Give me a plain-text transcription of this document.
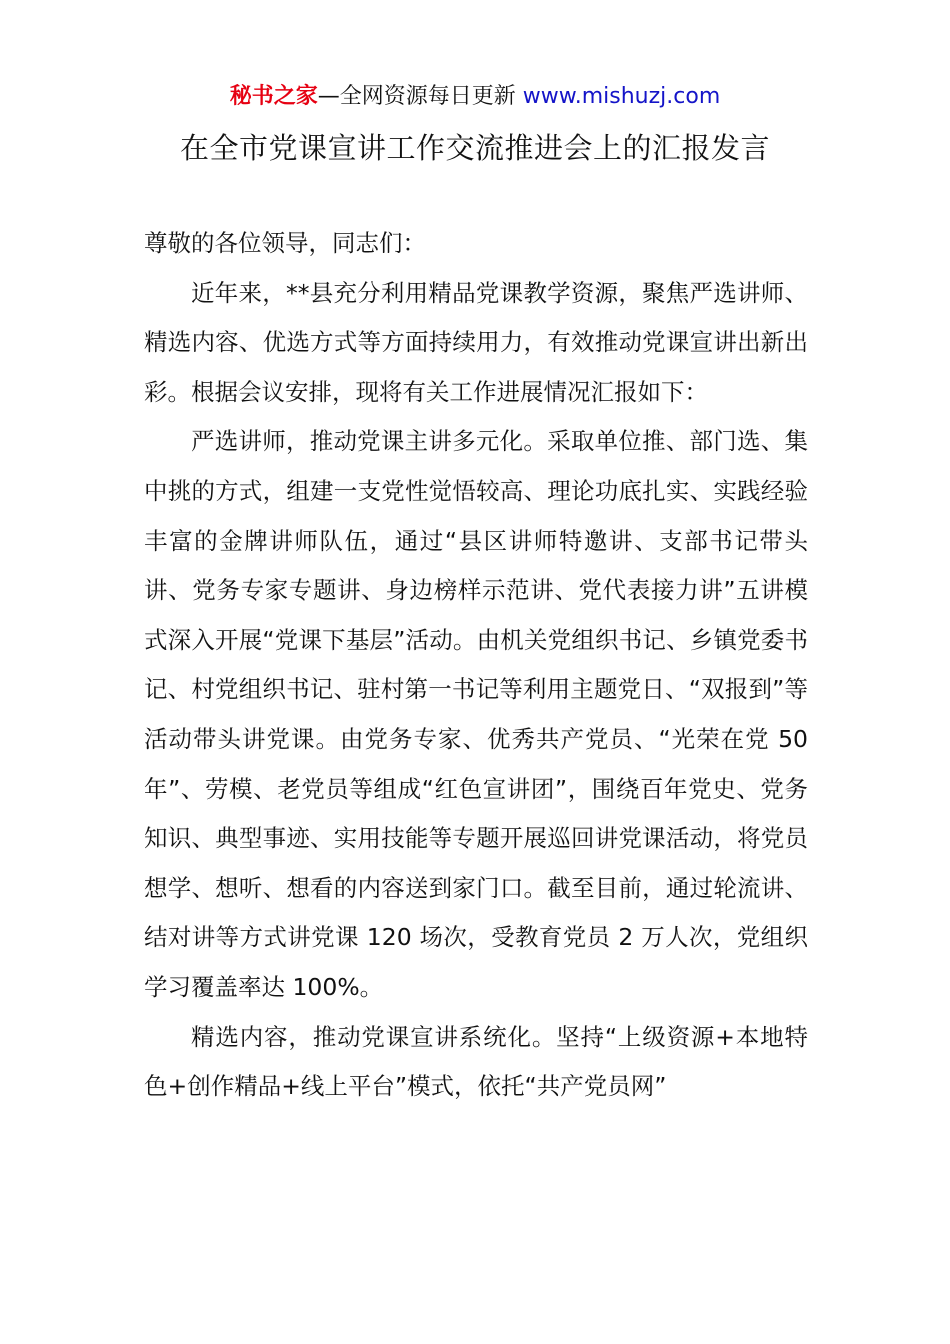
秘书之家—全网资源每日更新 www.mishuzj.com
在全市党课宣讲工作交流推进会上的汇报发言

尊敬的各位领导，同志们：

近年来，**县充分利用精品党课教学资源，聚焦严选讲师、精选内容、优选方式等方面持续用力，有效推动党课宣讲出新出彩。根据会议安排，现将有关工作进展情况汇报如下：

严选讲师，推动党课主讲多元化。采取单位推、部门选、集中挑的方式，组建一支党性觉悟较高、理论功底扎实、实践经验丰富的金牌讲师队伍，通过“县区讲师特邀讲、支部书记带头讲、党务专家专题讲、身边榜样示范讲、党代表接力讲”五讲模式深入开展“党课下基层”活动。由机关党组织书记、乡镇党委书记、村党组织书记、驻村第一书记等利用主题党日、“双报到”等活动带头讲党课。由党务专家、优秀共产党员、“光荣在党 50 年”、劳模、老党员等组成“红色宣讲团”，围绕百年党史、党务知识、典型事迹、实用技能等专题开展巡回讲党课活动，将党员想学、想听、想看的内容送到家门口。截至目前，通过轮流讲、结对讲等方式讲党课 120 场次，受教育党员 2 万人次，党组织学习覆盖率达 100%。

精选内容，推动党课宣讲系统化。坚持“上级资源+本地特色+创作精品+线上平台”模式，依托“共产党员网”
